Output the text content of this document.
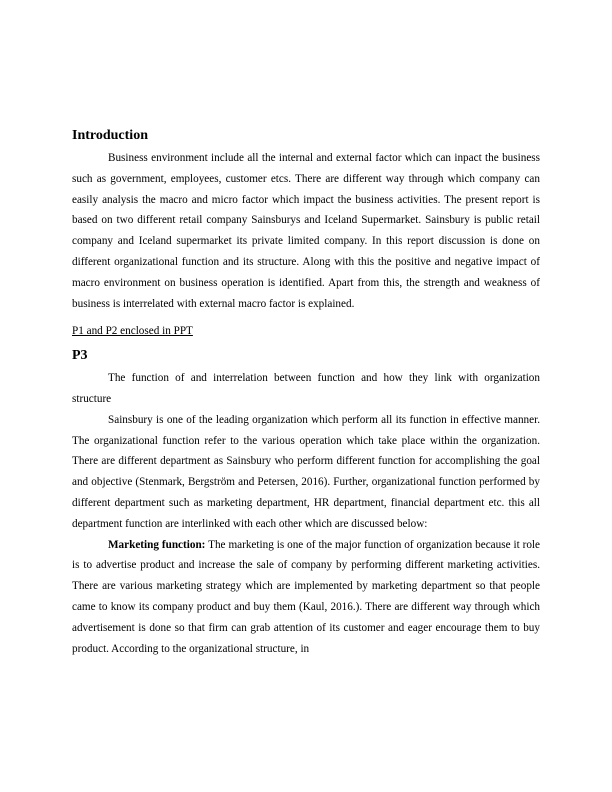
Introduction

Business environment include all the internal and external factor which can inpact the business such as government, employees, customer etcs. There are different way through which company can easily analysis the macro and micro factor which impact the business activities. The present report is based on two different retail company Sainsburys and Iceland Supermarket. Sainsbury is public retail company and Iceland supermarket its private limited company. In this report discussion is done on different organizational function and its structure. Along with this the positive and negative impact of macro environment on business operation is identified. Apart from this, the strength and weakness of business is interrelated with external macro factor is explained.

P1 and P2 enclosed in PPT

P3

The function of and interrelation between function and how they link with organization structure

Sainsbury is one of the leading organization which perform all its function in effective manner. The organizational function refer to the various operation which take place within the organization. There are different department as Sainsbury who perform different function for accomplishing the goal and objective (Stenmark, Bergström and Petersen, 2016). Further, organizational function performed by different department such as marketing department, HR department, financial department etc. this all department function are interlinked with each other which are discussed below:

Marketing function: The marketing is one of the major function of organization because it role is to advertise product and increase the sale of company by performing different marketing activities. There are various marketing strategy which are implemented by marketing department so that people came to know its company product and buy them (Kaul, 2016.). There are different way through which advertisement is done so that firm can grab attention of its customer and eager encourage them to buy product. According to the organizational structure, in
